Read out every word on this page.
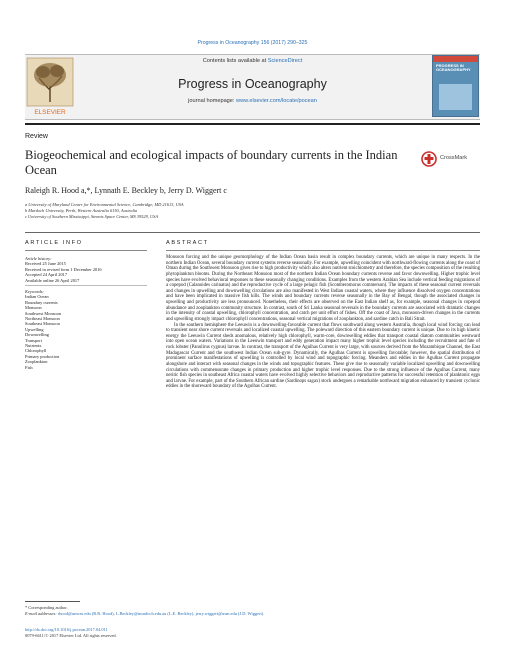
Progress in Oceanography 156 (2017) 290–325
ELSEVIER
Contents lists available at ScienceDirect
Progress in Oceanography
journal homepage: www.elsevier.com/locate/pocean
PROGRESS IN OCEANOGRAPHY
Review
Biogeochemical and ecological impacts of boundary currents in the Indian Ocean
CrossMark
Raleigh R. Hood a,*, Lynnath E. Beckley b, Jerry D. Wiggert c
a University of Maryland Center for Environmental Science, Cambridge, MD 21613, USA
b Murdoch University, Perth, Western Australia 6150, Australia
c University of Southern Mississippi, Stennis Space Center, MS 39529, USA
ARTICLE INFO
Article history:
Received 25 June 2015
Received in revised form 1 December 2016
Accepted 24 April 2017
Available online 26 April 2017
Keywords:
Indian Ocean
Boundary currents
Monsoon
Southwest Monsoon
Northeast Monsoon
Southeast Monsoon
Upwelling
Downwelling
Transport
Nutrients
Chlorophyll
Primary production
Zooplankton
Fish
ABSTRACT

Monsoon forcing and the unique geomorphology of the Indian Ocean basin result in complex boundary currents, which are unique in many respects. In the northern Indian Ocean, several boundary current systems reverse seasonally. For example, upwelling coincident with northward-flowing currents along the coast of Oman during the Southwest Monsoon gives rise to high productivity which also alters nutrient stoichiometry and therefore, the species composition of the resulting phytoplankton blooms. During the Northeast Monsoon most of the northern Indian Ocean boundary currents reverse and favor downwelling. Higher trophic level species have evolved behavioral responses to these seasonally changing conditions. Examples from the western Arabian Sea include vertical feeding migrations of a copepod (Calanoides carinatus) and the reproductive cycle of a large pelagic fish (Scomberomorus commerson). The impacts of these seasonal current reversals and changes in upwelling and downwelling circulations are also manifested in West Indian coastal waters, where they influence dissolved oxygen concentrations and have been implicated in massive fish kills. The winds and boundary currents reverse seasonally in the Bay of Bengal, though the associated changes in upwelling and productivity are less pronounced. Nonetheless, their effects are observed on the East Indian shelf as, for example, seasonal changes in copepod abundance and zooplankton community structure. In contrast, south of Sri Lanka seasonal reversals in the boundary currents are associated with dramatic changes in the intensity of coastal upwelling, chlorophyll concentration, and catch per unit effort of fishes. Off the coast of Java, monsoon-driven changes in the currents and upwelling strongly impact chlorophyll concentrations, seasonal vertical migrations of zooplankton, and sardine catch in Bali Strait.

In the southern hemisphere the Leeuwin is a downwelling-favorable current that flows southward along western Australia, though local wind forcing can lead to transient near shore current reversals and localized coastal upwelling. The poleward direction of this eastern boundary current is unique. Due to its high kinetic energy the Leeuwin Current sheds anomalous, relatively high chlorophyll, warm-core, downwelling eddies that transport coastal diatom communities westward into open ocean waters. Variations in the Leeuwin transport and eddy generation impact many higher trophic level species including the recruitment and fate of rock lobster (Panulirus cygnus) larvae. In contrast, the transport of the Agulhas Current is very large, with sources derived from the Mozambique Channel, the East Madagascar Current and the southwest Indian Ocean sub-gyre. Dynamically, the Agulhas Current is upwelling favorable; however, the spatial distribution of prominent surface manifestations of upwelling is controlled by local wind and topographic forcing. Meanders and eddies in the Agulhas Current propagate alongshore and interact with seasonal changes in the winds and topographic features. These give rise to seasonally variable localized upwelling and downwelling circulations with commensurate changes in primary production and higher trophic level responses. Due to the strong influence of the Agulhas Current, many neritic fish species in southeast Africa coastal waters have evolved highly selective behaviors and reproductive patterns for successful retention of planktonic eggs and larvae. For example, part of the Southern African sardine (Sardinops sagax) stock undergoes a remarkable northward migration enhanced by transient cyclonic eddies in the shoreward boundary of the Agulhas Current.

* Corresponding author.
E-mail addresses: rhood@umces.edu (R.R. Hood), L.Beckley@murdoch.edu.au (L.E. Beckley), jerry.wiggert@usm.edu (J.D. Wiggert).
http://dx.doi.org/10.1016/j.pocean.2017.04.011
0079-6611/© 2017 Elsevier Ltd. All rights reserved.
